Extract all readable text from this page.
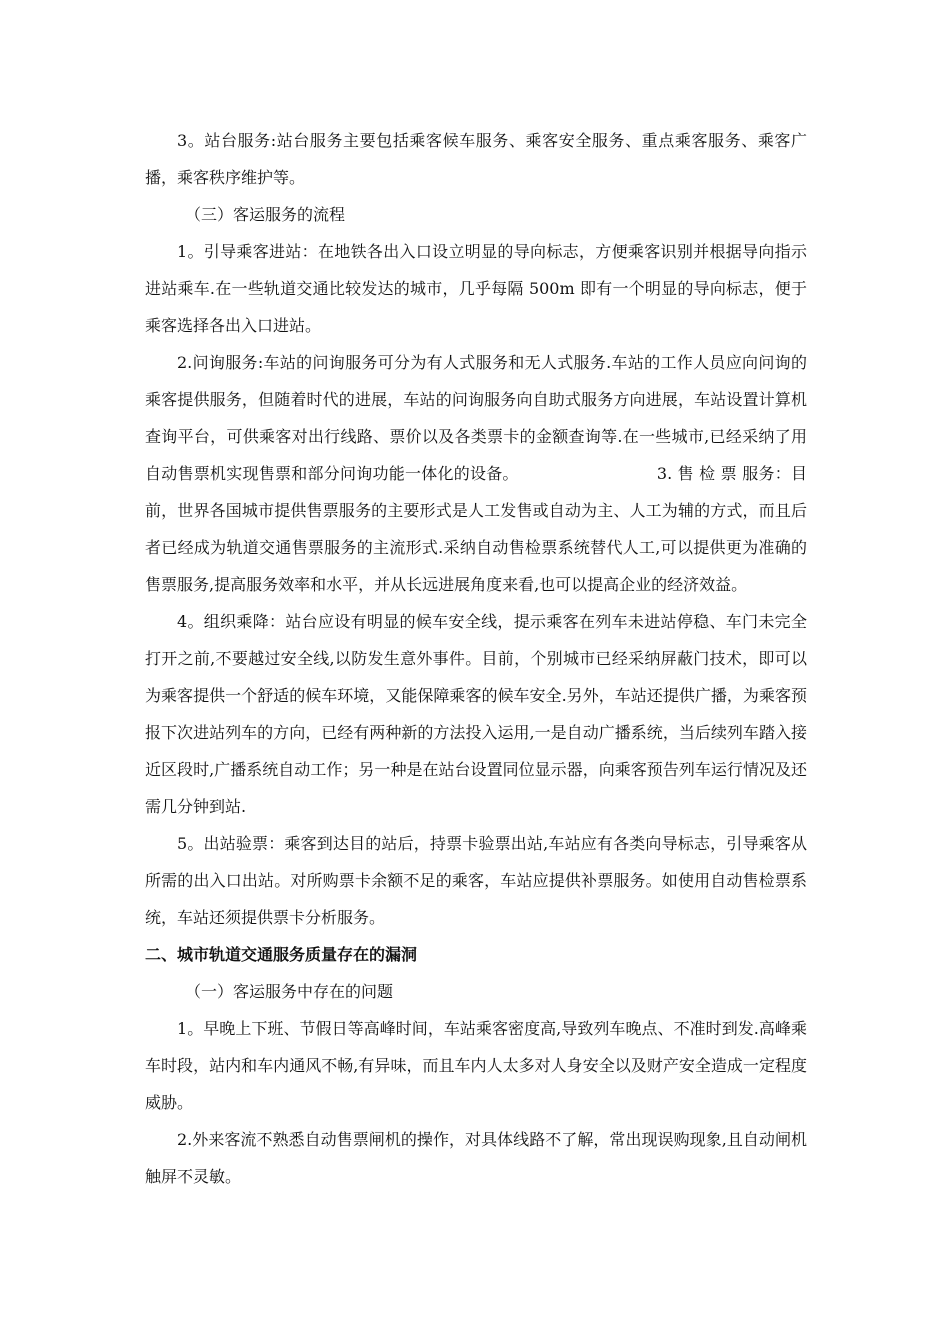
3。站台服务:站台服务主要包括乘客候车服务、乘客安全服务、重点乘客服务、乘客广播，乘客秩序维护等。

（三）客运服务的流程

1。引导乘客进站：在地铁各出入口设立明显的导向标志，方便乘客识别并根据导向指示进站乘车.在一些轨道交通比较发达的城市，几乎每隔 500m 即有一个明显的导向标志，便于乘客选择各出入口进站。

2.问询服务:车站的问询服务可分为有人式服务和无人式服务.车站的工作人员应向问询的乘客提供服务，但随着时代的进展，车站的问询服务向自助式服务方向进展，车站设置计算机查询平台，可供乘客对出行线路、票价以及各类票卡的金额查询等.在一些城市,已经采纳了用自动售票机实现售票和部分问询功能一体化的设备。　　　　　　　　　3. 售 检 票 服务：目前，世界各国城市提供售票服务的主要形式是人工发售或自动为主、人工为辅的方式，而且后者已经成为轨道交通售票服务的主流形式.采纳自动售检票系统替代人工,可以提供更为准确的售票服务,提高服务效率和水平，并从长远进展角度来看,也可以提高企业的经济效益。

4。组织乘降：站台应设有明显的候车安全线，提示乘客在列车未进站停稳、车门未完全打开之前,不要越过安全线,以防发生意外事件。目前，个别城市已经采纳屏蔽门技术，即可以为乘客提供一个舒适的候车环境，又能保障乘客的候车安全.另外，车站还提供广播，为乘客预报下次进站列车的方向，已经有两种新的方法投入运用,一是自动广播系统，当后续列车踏入接近区段时,广播系统自动工作；另一种是在站台设置同位显示器，向乘客预告列车运行情况及还需几分钟到站.

5。出站验票：乘客到达目的站后，持票卡验票出站,车站应有各类向导标志，引导乘客从所需的出入口出站。对所购票卡余额不足的乘客，车站应提供补票服务。如使用自动售检票系统，车站还须提供票卡分析服务。

二、城市轨道交通服务质量存在的漏洞

（一）客运服务中存在的问题

1。早晚上下班、节假日等高峰时间，车站乘客密度高,导致列车晚点、不准时到发.高峰乘车时段，站内和车内通风不畅,有异味，而且车内人太多对人身安全以及财产安全造成一定程度威胁。

2.外来客流不熟悉自动售票闸机的操作，对具体线路不了解，常出现误购现象,且自动闸机触屏不灵敏。
